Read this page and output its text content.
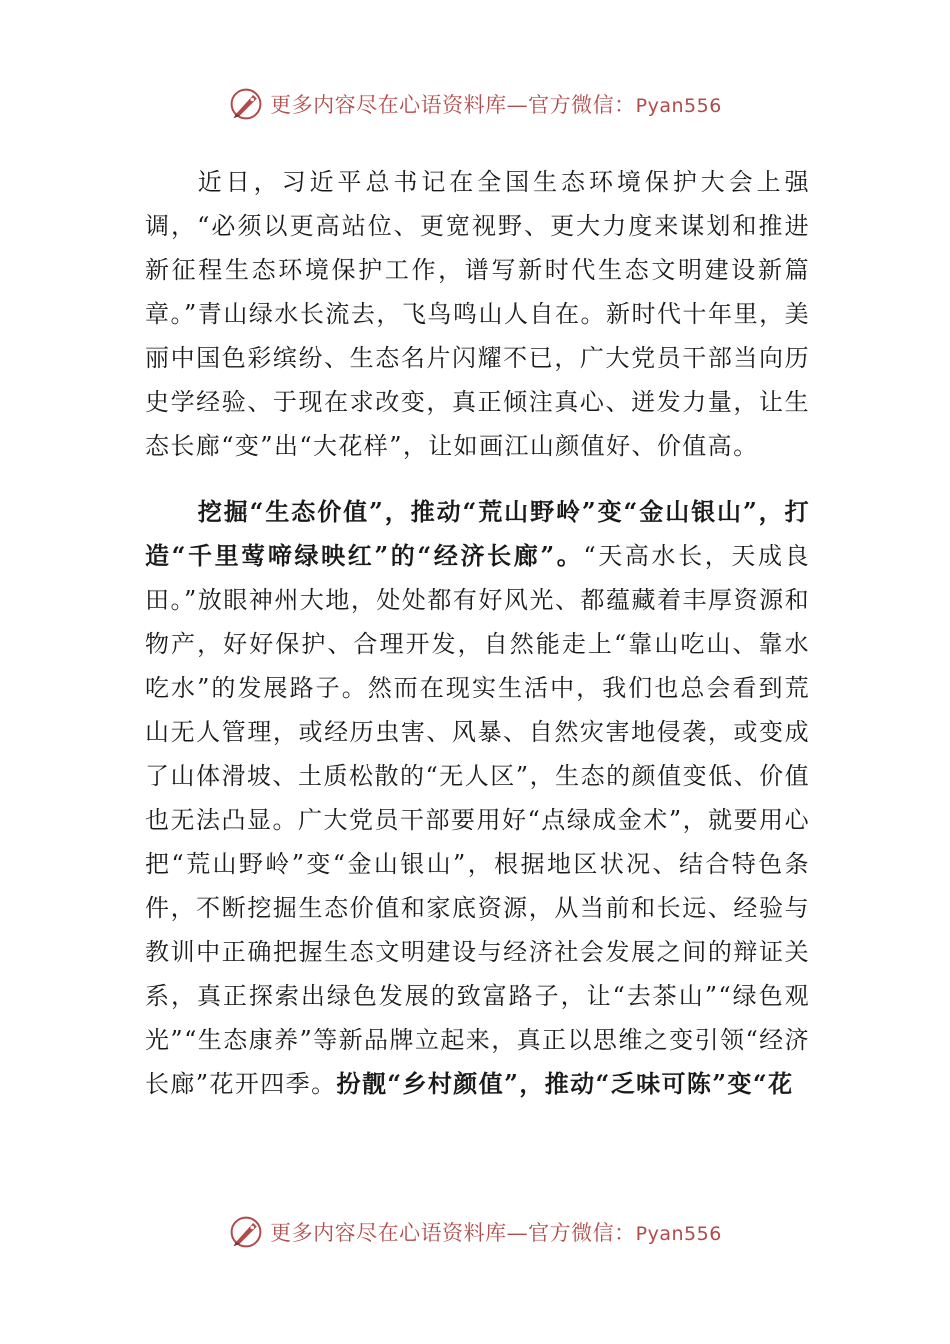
更多内容尽在心语资料库—官方微信：Pyan556

近日，习近平总书记在全国生态环境保护大会上强调，“必须以更高站位、更宽视野、更大力度来谋划和推进新征程生态环境保护工作，谱写新时代生态文明建设新篇章。”青山绿水长流去，飞鸟鸣山人自在。新时代十年里，美丽中国色彩缤纷、生态名片闪耀不已，广大党员干部当向历史学经验、于现在求改变，真正倾注真心、迸发力量，让生态长廊“变”出“大花样”，让如画江山颜值好、价值高。

挖掘“生态价值”，推动“荒山野岭”变“金山银山”，打造“千里莺啼绿映红”的“经济长廊”。“天高水长，天成良田。”放眼神州大地，处处都有好风光、都蕴藏着丰厚资源和物产，好好保护、合理开发，自然能走上“靠山吃山、靠水吃水”的发展路子。然而在现实生活中，我们也总会看到荒山无人管理，或经历虫害、风暴、自然灾害地侵袭，或变成了山体滑坡、土质松散的“无人区”，生态的颜值变低、价值也无法凸显。广大党员干部要用好“点绿成金术”，就要用心把“荒山野岭”变“金山银山”，根据地区状况、结合特色条件，不断挖掘生态价值和家底资源，从当前和长远、经验与教训中正确把握生态文明建设与经济社会发展之间的辩证关系，真正探索出绿色发展的致富路子，让“去茶山”“绿色观光”“生态康养”等新品牌立起来，真正以思维之变引领“经济长廊”花开四季。扮靓“乡村颜值”，推动“乏味可陈”变“花

更多内容尽在心语资料库—官方微信：Pyan556
